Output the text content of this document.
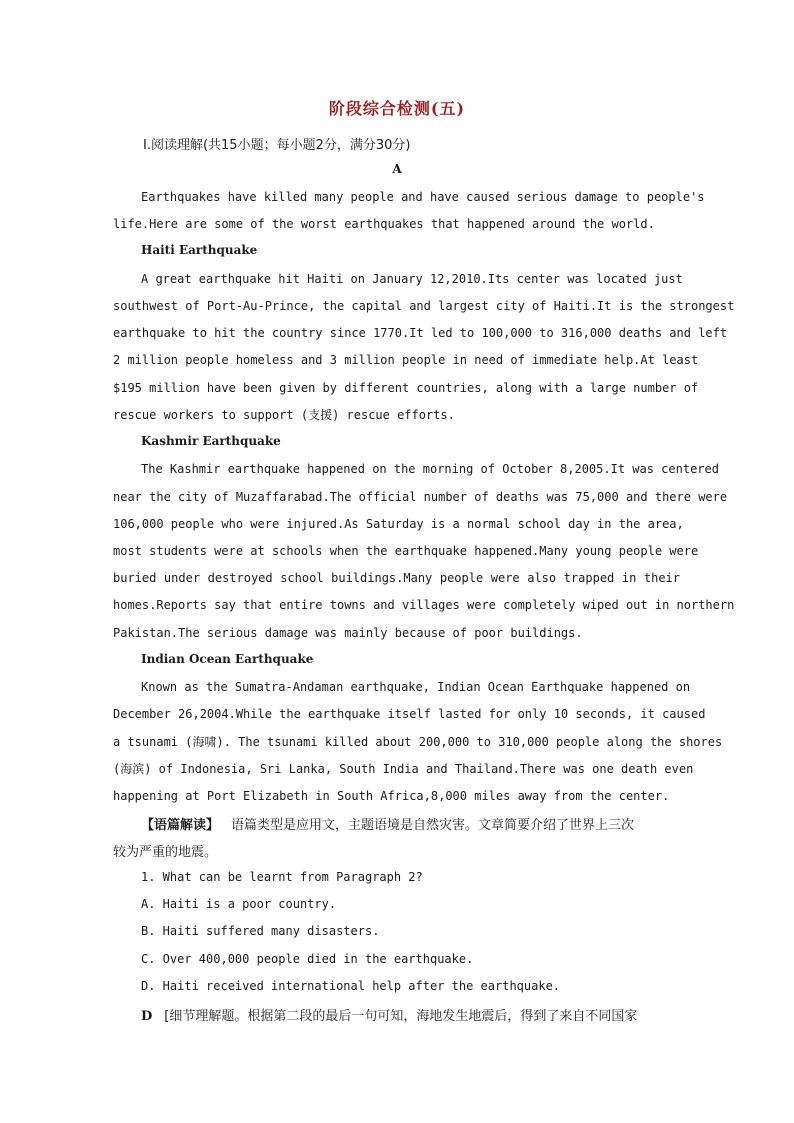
阶段综合检测(五)
Ⅰ.阅读理解(共15小题；每小题2分，满分30分)
A
Earthquakes have killed many people and have caused serious damage to people's
life.Here are some of the worst earthquakes that happened around the world.
Haiti Earthquake
A great earthquake hit Haiti on January 12,2010.Its center was located just
southwest of Port-Au-Prince, the capital and largest city of Haiti.It is the strongest
earthquake to hit the country since 1770.It led to 100,000 to 316,000 deaths and left
2 million people homeless and 3 million people in need of immediate help.At least
$195 million have been given by different countries, along with a large number of
rescue workers to support (支援) rescue efforts.
Kashmir Earthquake
The Kashmir earthquake happened on the morning of October 8,2005.It was centered
near the city of Muzaffarabad.The official number of deaths was 75,000 and there were
106,000 people who were injured.As Saturday is a normal school day in the area,
most students were at schools when the earthquake happened.Many young people were
buried under destroyed school buildings.Many people were also trapped in their
homes.Reports say that entire towns and villages were completely wiped out in northern
Pakistan.The serious damage was mainly because of poor buildings.
Indian Ocean Earthquake
Known as the Sumatra-Andaman earthquake, Indian Ocean Earthquake happened on
December 26,2004.While the earthquake itself lasted for only 10 seconds, it caused
a tsunami (海啸). The tsunami killed about 200,000 to 310,000 people along the shores
(海滨) of Indonesia, Sri Lanka, South India and Thailand.There was one death even
happening at Port Elizabeth in South Africa,8,000 miles away from the center.
【语篇解读】 语篇类型是应用文，主题语境是自然灾害。文章简要介绍了世界上三次
较为严重的地震。
1. What can be learnt from Paragraph 2?
A. Haiti is a poor country.
B. Haiti suffered many disasters.
C. Over 400,000 people died in the earthquake.
D. Haiti received international help after the earthquake.
D [细节理解题。根据第二段的最后一句可知，海地发生地震后，得到了来自不同国家
